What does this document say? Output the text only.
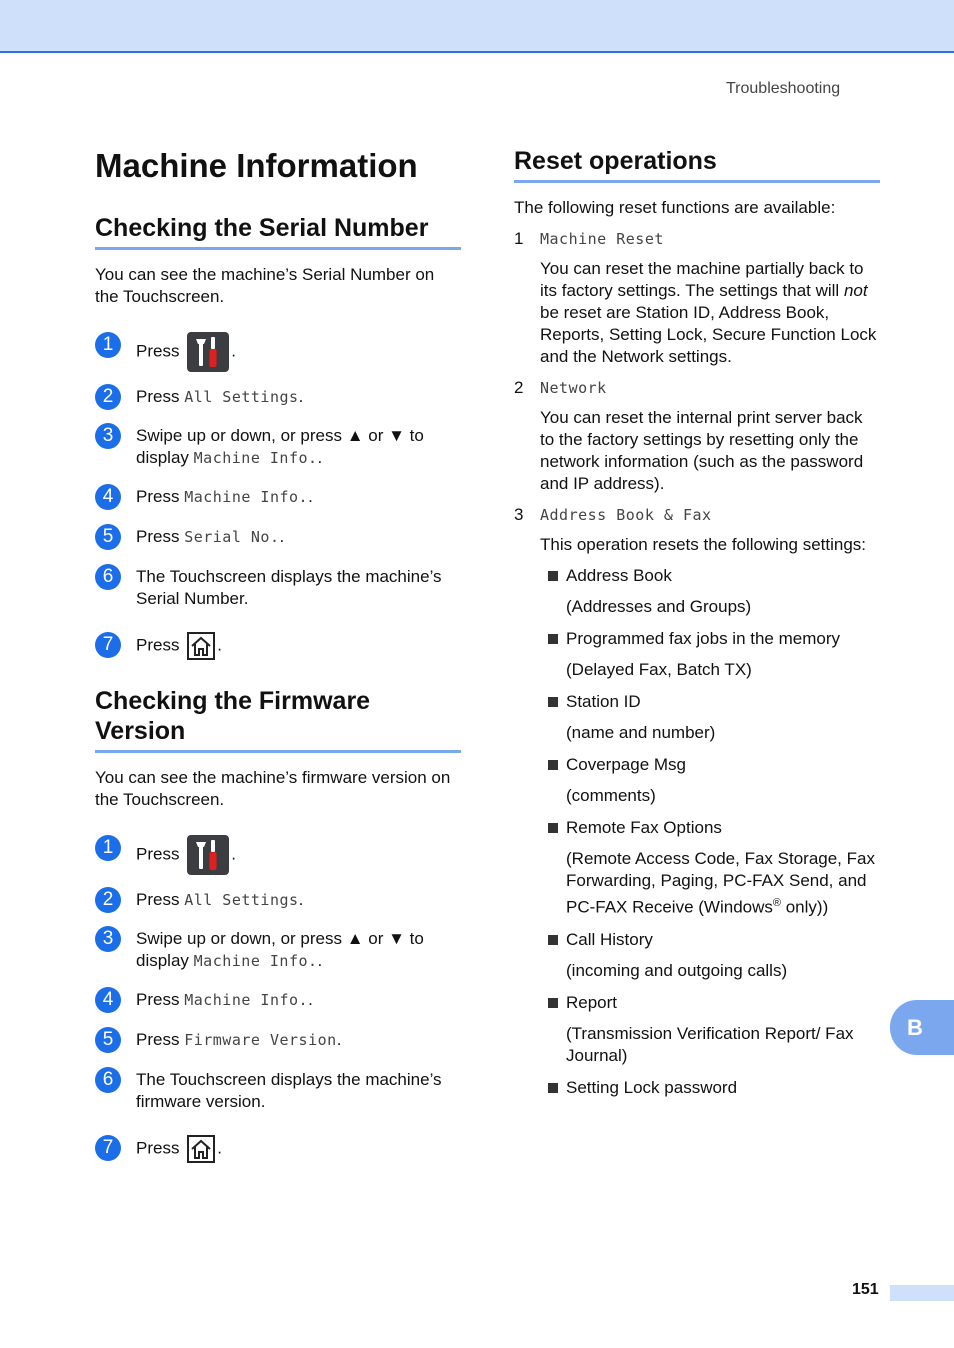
Troubleshooting
Machine Information
Checking the Serial Number
You can see the machine’s Serial Number on the Touchscreen.
1	Press	.
2	Press All Settings.
3	Swipe up or down, or press ▲ or ▼ to display Machine Info..
4	Press Machine Info..
5	Press Serial No..
6	The Touchscreen displays the machine’s Serial Number.
7	Press .
Checking the Firmware Version
You can see the machine’s firmware version on the Touchscreen.
1	Press	.
2	Press All Settings.
3	Swipe up or down, or press ▲ or ▼ to display Machine Info..
4	Press Machine Info..
5	Press Firmware Version.
6	The Touchscreen displays the machine’s firmware version.
7	Press .
Reset operations
The following reset functions are available:
1 Machine Reset
You can reset the machine partially back to its factory settings. The settings that will not be reset are Station ID, Address Book, Reports, Setting Lock, Secure Function Lock and the Network settings.
2 Network
You can reset the internal print server back to the factory settings by resetting only the network information (such as the password and IP address).
3 Address Book & Fax
This operation resets the following settings:
Address Book
(Addresses and Groups)
Programmed fax jobs in the memory
(Delayed Fax, Batch TX)
Station ID
(name and number)
Coverpage Msg
(comments)
Remote Fax Options
(Remote Access Code, Fax Storage, Fax Forwarding, Paging, PC-FAX Send, and PC-FAX Receive (Windows® only))
Call History
(incoming and outgoing calls)
Report
(Transmission Verification Report/ Fax Journal)
Setting Lock password
B
151
